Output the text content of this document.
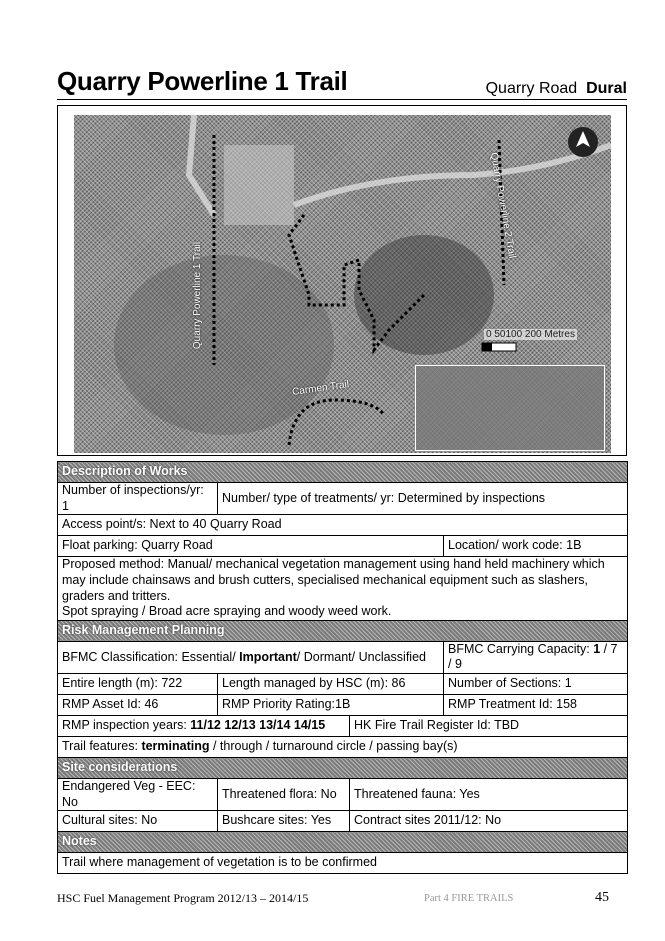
Quarry Powerline 1 Trail	Quarry Road Dural
Quarry Powerline 1 Trail
Quarry Powerline 2 Trail
Carmen Trail
0 50100 200 Metres
Description of Works			
Number of inspections/yr: 1	Number/ type of treatments/ yr: Determined by inspections		
Access point/s: Next to 40 Quarry Road			
Float parking: Quarry Road			Location/ work code: 1B
Proposed method: Manual/ mechanical vegetation management using hand held machinery which may include chainsaws and brush cutters, specialised mechanical equipment such as slashers, graders and tritters.
Spot spraying / Broad acre spraying and woody weed work.			
Risk Management Planning			
BFMC Classification: Essential/ Important/ Dormant/ Unclassified			BFMC Carrying Capacity: 1 / 7 / 9
Entire length (m): 722	Length managed by HSC (m): 86		Number of Sections: 1
RMP Asset Id: 46	RMP Priority Rating:1B		RMP Treatment Id: 158
RMP inspection years: 11/12 12/13 13/14 14/15		HK Fire Trail Register Id: TBD	
Trail features: terminating / through / turnaround circle / passing bay(s)			
Site considerations			
Endangered Veg - EEC: No	Threatened flora: No	Threatened fauna: Yes	
Cultural sites: No	Bushcare sites: Yes	Contract sites 2011/12: No	
Notes			
Trail where management of vegetation is to be confirmed			
HSC Fuel Management Program 2012/13 – 2014/15	Part 4 FIRE TRAILS	45
